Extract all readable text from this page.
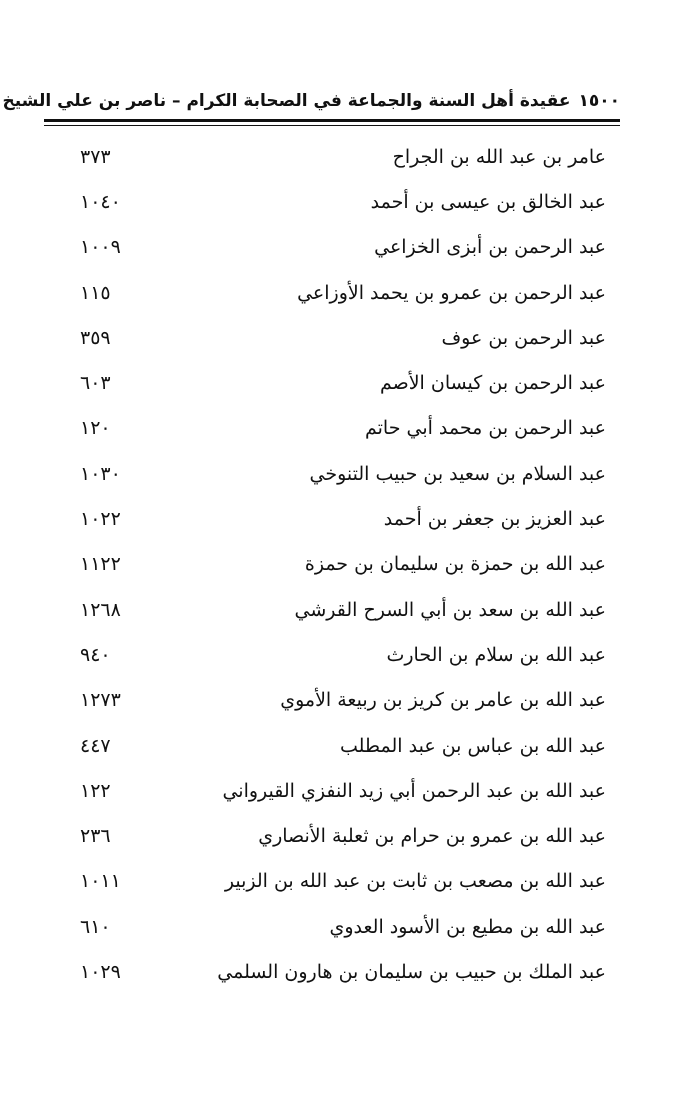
١٥٠٠
عقيدة أهل السنة والجماعة في الصحابة الكرام – ناصر بن علي الشيخ
عامر بن عبد الله بن الجراح
٣٧٣
عبد الخالق بن عيسى بن أحمد
١٠٤٠
عبد الرحمن بن أبزى الخزاعي
١٠٠٩
عبد الرحمن بن عمرو بن يحمد الأوزاعي
١١٥
عبد الرحمن بن عوف
٣٥٩
عبد الرحمن بن كيسان الأصم
٦٠٣
عبد الرحمن بن محمد أبي حاتم
١٢٠
عبد السلام بن سعيد بن حبيب التنوخي
١٠٣٠
عبد العزيز بن جعفر بن أحمد
١٠٢٢
عبد الله بن حمزة بن سليمان بن حمزة
١١٢٢
عبد الله بن سعد بن أبي السرح القرشي
١٢٦٨
عبد الله بن سلام بن الحارث
٩٤٠
عبد الله بن عامر بن كريز بن ربيعة الأموي
١٢٧٣
عبد الله بن عباس بن عبد المطلب
٤٤٧
عبد الله بن عبد الرحمن أبي زيد النفزي القيرواني
١٢٢
عبد الله بن عمرو بن حرام بن ثعلبة الأنصاري
٢٣٦
عبد الله بن مصعب بن ثابت بن عبد الله بن الزبير
١٠١١
عبد الله بن مطيع بن الأسود العدوي
٦١٠
عبد الملك بن حبيب بن سليمان بن هارون السلمي
١٠٢٩
